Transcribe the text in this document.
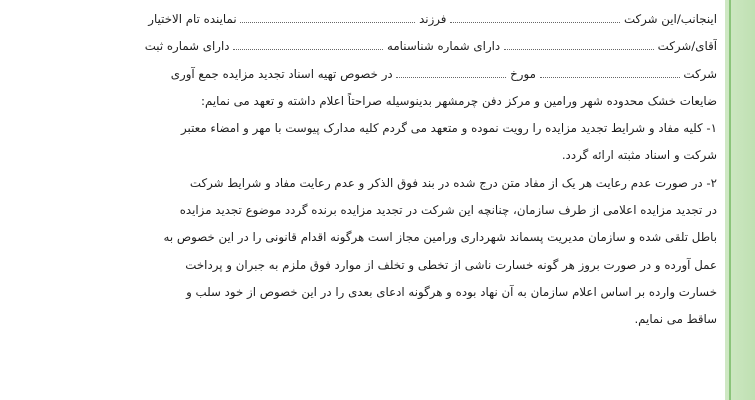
اینجانب/این شرکت  فرزند  نماینده تام الاختیار
آقای/شرکت  دارای شماره شناسنامه  دارای شماره ثبت
شرکت  مورخ  در خصوص تهیه اسناد تجدید مزایده جمع آوری
ضایعات خشک محدوده شهر ورامین و مرکز دفن چرمشهر بدینوسیله صراحتاً اعلام داشته و تعهد می نمایم:
۱- کلیه مفاد و شرایط تجدید مزایده را رویت نموده و متعهد می گردم کلیه مدارک پیوست با مهر و امضاء معتبر
شرکت و اسناد مثبته ارائه گردد.
۲- در صورت عدم رعایت هر یک از مفاد متن درج شده در بند فوق الذکر و عدم رعایت مفاد و شرایط شرکت
در تجدید مزایده اعلامی از طرف سازمان، چنانچه این شرکت در تجدید مزایده برنده گردد موضوع تجدید مزایده
باطل تلقی شده و سازمان مدیریت پسماند شهرداری ورامین مجاز است هرگونه اقدام قانونی را در این خصوص به
عمل آورده و در صورت بروز هر گونه خسارت ناشی از تخطی و تخلف از موارد فوق ملزم به جبران و پرداخت
خسارت وارده بر اساس اعلام سازمان به آن نهاد بوده و هرگونه ادعای بعدی را در این خصوص از خود سلب و
ساقط می نمایم.
